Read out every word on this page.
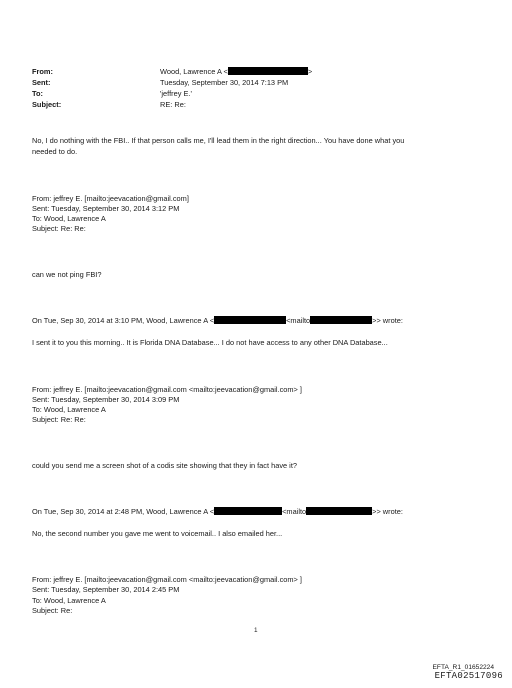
From:	Wood, Lawrence A <	>
Sent:	Tuesday, September 30, 2014 7:13 PM
To:	'jeffrey E.'
Subject:	RE: Re:
No, I do nothing with the FBI.. If that person calls me, I'll lead them in the right direction... You have done what you
needed to do.
From: jeffrey E. [mailto:jeevacation@gmail.com]
Sent: Tuesday, September 30, 2014 3:12 PM
To: Wood, Lawrence A
Subject: Re: Re:
can we not ping FBI?
On Tue, Sep 30, 2014 at 3:10 PM, Wood, Lawrence A <	<mailto	>> wrote:
I sent it to you this morning.. It is Florida DNA Database... I do not have access to any other DNA Database...
From: jeffrey E. [mailto:jeevacation@gmail.com <mailto:jeevacation@gmail.com> ]
Sent: Tuesday, September 30, 2014 3:09 PM
To: Wood, Lawrence A
Subject: Re: Re:
could you send me a screen shot of a codis site showing that they in fact have it?
On Tue, Sep 30, 2014 at 2:48 PM, Wood, Lawrence A <	<mailto	>> wrote:
No, the second number you gave me went to voicemail.. I also emailed her...
From: jeffrey E. [mailto:jeevacation@gmail.com <mailto:jeevacation@gmail.com> ]
Sent: Tuesday, September 30, 2014 2:45 PM
To: Wood, Lawrence A
Subject: Re:
1
EFTA_R1_01652224
EFTA02517096
